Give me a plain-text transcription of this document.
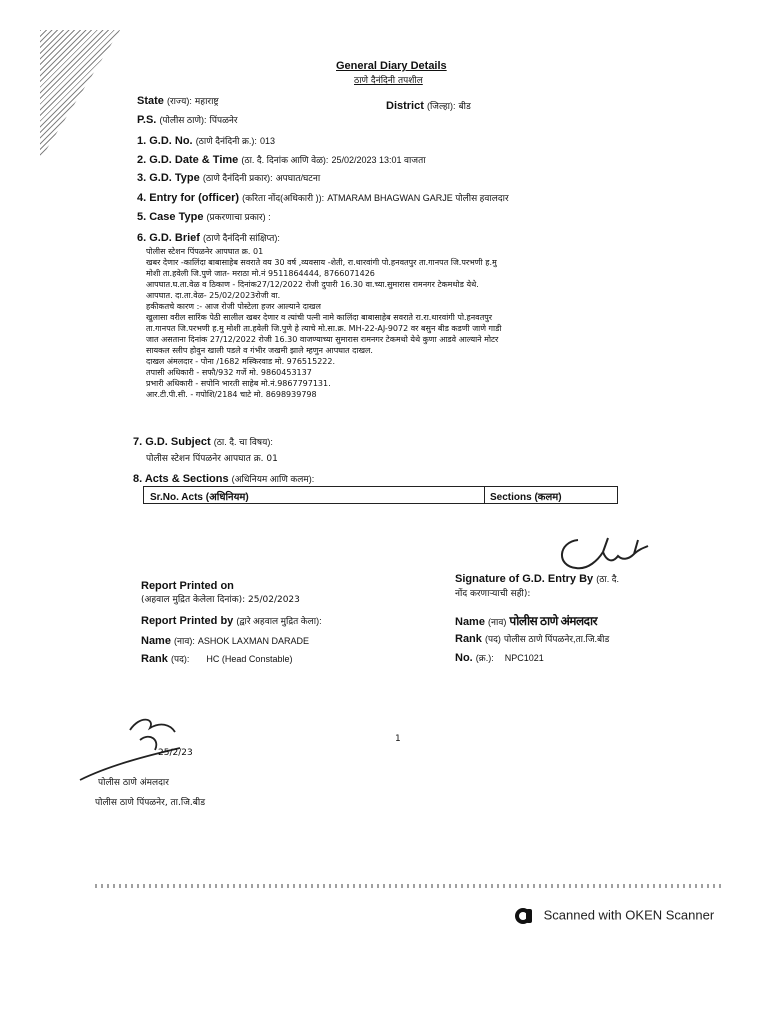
General Diary Details
ठाणे दैनंदिनी तपशील
State (राज्य): महाराष्ट्र	District (जिल्हा): बीड
P.S. (पोलीस ठाणे): पिंपळनेर
1. G.D. No. (ठाणे दैनंदिनी क्र.): 013
2. G.D. Date & Time (ठा. दै. दिनांक आणि वेळ): 25/02/2023 13:01 वाजता
3. G.D. Type (ठाणे दैनंदिनी प्रकार): अपघात/घटना
4. Entry for (officer) (करिता नोंद(अधिकारी )): ATMARAM BHAGWAN GARJE पोलीस हवालदार
5. Case Type (प्रकरणाचा प्रकार) :
6. G.D. Brief (ठाणे दैनंदिनी सांक्षिप्त):
पोलीस स्टेशन पिंपळनेर आपघात क्र. 01
खबर देणार -कालिंदा बाबासाहेब सवराते वय 30 वर्ष ,व्यवसाय -शेती, रा.थारवांगी पो.हनवतपुर ता.गानपत जि.परभणी ह.मु
मोशी ता.हवेली जि.पुणे जात- मराठा मो.नं 9511864444, 8766071426
आपघात.घ.ता.वेळ व ठिकाण - दिनांक27/12/2022 रोजी दुपारी 16.30 वा.च्या.सुमारास रामनगर टेकमथोड येथे.
आपघात. दा.ता.वेळ- 25/02/2023रोजी वा.
हकीकतचे कारण :- आज रोजी पोस्टेला हजर आल्याने दाखल
खुलासा वरील सारिंक पेठी सालील खबर देणार व त्यांची पत्नी नामे कालिंदा बाबासाहेब सवराते रा.रा.थारवांगी पो.हनवतपुर
ता.गानपत जि.परभणी ह.मु मोशी ता.हवेली जि.पुणे हे त्याचे मो.सा.क्र. MH-22-AJ-9072 वर बसुन बीड कडणी जाणे गाडी
जात असताना दिनांक 27/12/2022 रोजी 16.30 वाजण्याच्या सुमारास रामनगर टेकमथो येथे कुणा आडवे आल्याने मोटर
सायकल स्लीप होवुन खाली पडले व गंभीर जखमी झाले म्हणुन आपघात दाखल.
दाखल अंमलदार - पोना /1682 मस्किरवाड मो. 976515222.
तपासी अधिकारी - सफौ/932 गर्जे मो. 9860453137
प्रभारी अधिकारी - सपोनि भारती साहेब मो.नं.9867797131.
आर.टी.पी.सी. - गपोशि/2184 चाटे मो. 8698939798
7. G.D. Subject (ठा. दै. चा विषय):
पोलीस स्टेशन पिंपळनेर आपघात क्र. 01
8. Acts & Sections (अधिनियम आणि कलम):
Sr.No. Acts (अधिनियम)	Sections (कलम)
Signature of G.D. Entry By (ठा. दै.
नोंद करणाऱ्याची सही):
Name (नाव) पोलीस ठाणे अंमलदार
Rank (पद) पोलीस ठाणे पिंपळनेर,ता.जि.बीड
No. (क्र.): NPC1021
Report Printed on
(अहवाल मुद्रित केलेला दिनांक): 25/02/2023
Report Printed by (द्वारे अहवाल मुद्रित केला):
Name (नाव): ASHOK LAXMAN DARADE
Rank (पद): HC (Head Constable)
1
25/2/23
पोलीस ठाणे अंमलदार
पोलीस ठाणे पिंपळनेर, ता.जि.बीड
Scanned with OKEN Scanner
